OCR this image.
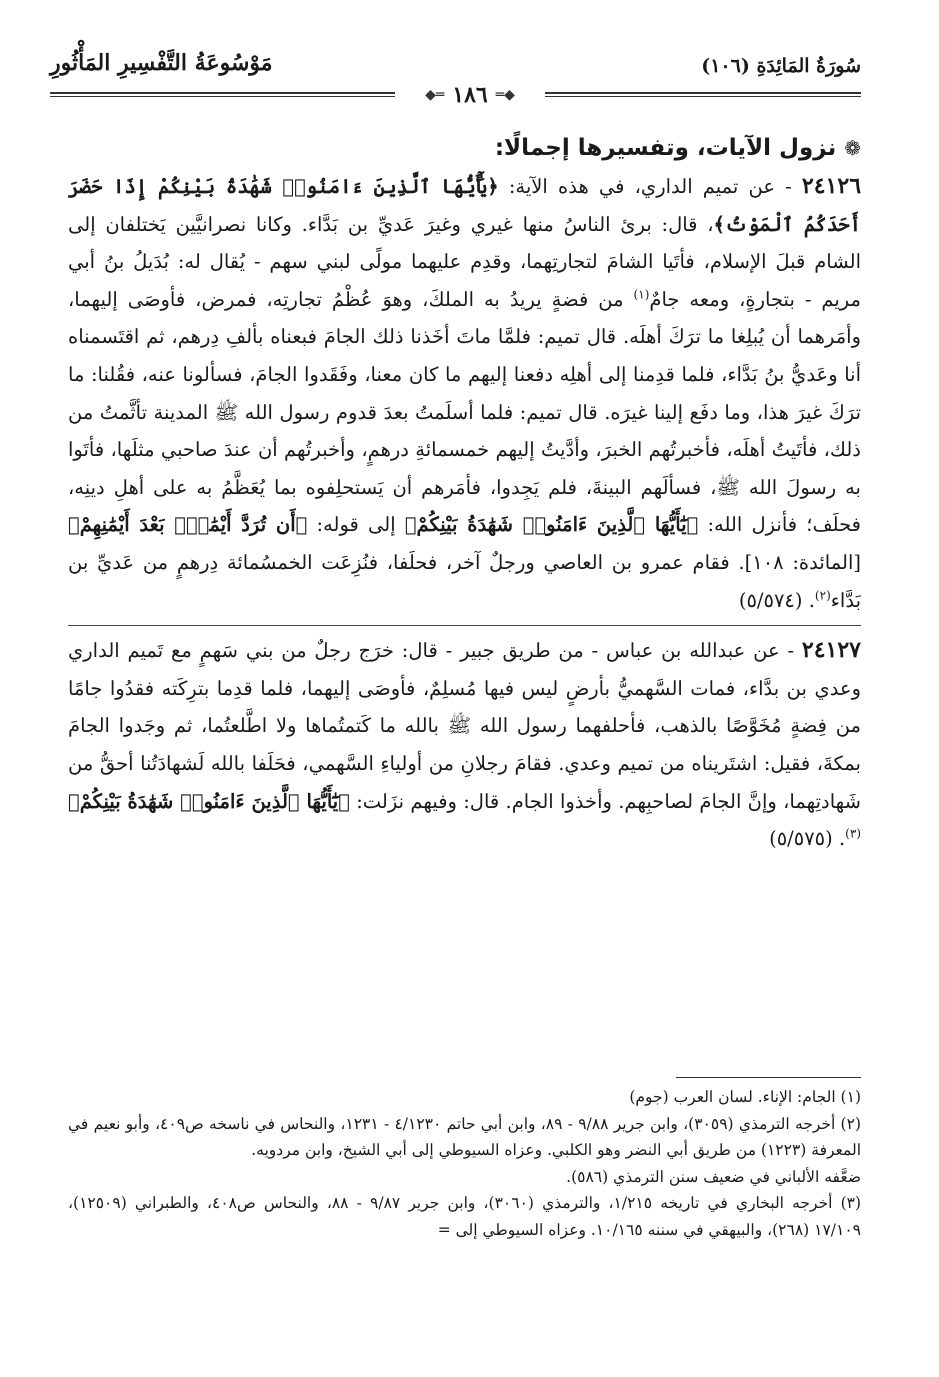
سُورَةُ المَائِدَةِ (١٠٦)
مَوْسُوعَةُ التَّفْسِيرِ المَأْثُورِ
◆═
١٨٦
═◆
❁نزول الآيات، وتفسيرها إجمالًا:

٢٤١٢٦ - عن تميم الداري، في هذه الآية: ﴿يَٰٓأَيُّهَا ٱلَّذِينَ ءَامَنُوا۟ شَهَٰدَةُ بَيْنِكُمْ إِذَا حَضَرَ أَحَدَكُمُ ٱلْمَوْتُ﴾، قال: برئ الناسُ منها غيري وغيرَ عَديِّ بن بَدَّاء. وكانا نصرانيَّين يَختلفان إلى الشام قبلَ الإسلام، فأتَيا الشامَ لتجارتِهما، وقدِم عليهما مولًى لبني سهم - يُقال له: بُدَيلُ بنُ أبي مريم - بتجارةٍ، ومعه جامٌ$^{(١)}$ من فضةٍ يريدُ به الملكَ، وهوَ عُظْمُ تجارتِه، فمرض، فأوصَى إليهما، وأمَرهما أن يُبلِغا ما ترَكَ أهلَه. قال تميم: فلمَّا ماتَ أخَذنا ذلك الجامَ فبعناه بألفِ دِرهم، ثم اقتَسمناه أنا وعَديُّ بنُ بَدَّاء، فلما قدِمنا إلى أهلِه دفعنا إليهم ما كان معنا، وفَقَدوا الجامَ، فسألونا عنه، فقُلنا: ما ترَكَ غيرَ هذا، وما دفَع إلينا غيرَه. قال تميم: فلما أسلَمتُ بعدَ قدوم رسول الله ﷺ المدينة تأثَّمتُ من ذلك، فأتَيتُ أهلَه، فأخبرتُهم الخبرَ، وأدَّيتُ إليهم خمسمائةِ درهمٍ، وأخبرتُهم أن عندَ صاحبي مثلَها، فأتَوا به رسولَ الله ﷺ، فسألَهم البينةَ، فلم يَجِدوا، فأمَرهم أن يَستحلِفوه بما يُعَظَّمُ به على أهلِ دينِه، فحلَف؛ فأنزل الله: ﴿يَٰٓأَيُّهَا ٱلَّذِينَ ءَامَنُوا۟ شَهَٰدَةُ بَيْنِكُمْ﴾ إلى قوله: ﴿أَن تُرَدَّ أَيْمَٰنٌۢ بَعْدَ أَيْمَٰنِهِمْ﴾ [المائدة: ١٠٨]. فقام عمرو بن العاصي ورجلٌ آخر، فحلَفا، فنُزِعَت الخمسُمائة دِرهمٍ من عَديِّ بن بَدَّاء$^{(٢)}$. (٥/٥٧٤)

٢٤١٢٧ - عن عبدالله بن عباس - من طريق جبير - قال: خرَج رجلٌ من بني سَهمٍ مع تَميم الداري وعدي بن بدَّاء، فمات السَّهميُّ بأرضٍ ليس فيها مُسلِمٌ، فأوصَى إليهما، فلما قدِما بترِكَته فقدُوا جامًا من فِضةٍ مُخَوَّصًا بالذهب، فأحلفهما رسول الله ﷺ بالله ما كَتمتُماها ولا اطَّلعتُما، ثم وجَدوا الجامَ بمكةَ، فقيل: اشتَريناه من تميم وعدي. فقامَ رجلانِ من أولياءِ السَّهمي، فحَلَفا بالله لَشهادَتُنا أحقُّ من شَهادتِهما، وإنَّ الجامَ لصاحبِهم. وأخذوا الجام. قال: وفيهم نزَلت: ﴿يَٰٓأَيُّهَا ٱلَّذِينَ ءَامَنُوا۟ شَهَٰدَةُ بَيْنِكُمْ﴾$^{(٣)}$. (٥/٥٧٥)

(١) الجام: الإناء. لسان العرب (جوم)

(٢) أخرجه الترمذي (٣٠٥٩)، وابن جرير ٩/٨٨ - ٨٩، وابن أبي حاتم ٤/١٢٣٠ - ١٢٣١، والنحاس في ناسخه ص٤٠٩، وأبو نعيم في المعرفة (١٢٢٣) من طريق أبي النضر وهو الكلبي. وعزاه السيوطي إلى أبي الشيخ، وابن مردويه.

ضعَّفه الألباني في ضعيف سنن الترمذي (٥٨٦).

(٣) أخرجه البخاري في تاريخه ١/٢١٥، والترمذي (٣٠٦٠)، وابن جرير ٩/٨٧ - ٨٨، والنحاس ص٤٠٨، والطبراني (١٢٥٠٩)، ١٧/١٠٩ (٢٦٨)، والبيهقي في سننه ١٠/١٦٥. وعزاه السيوطي إلى =
